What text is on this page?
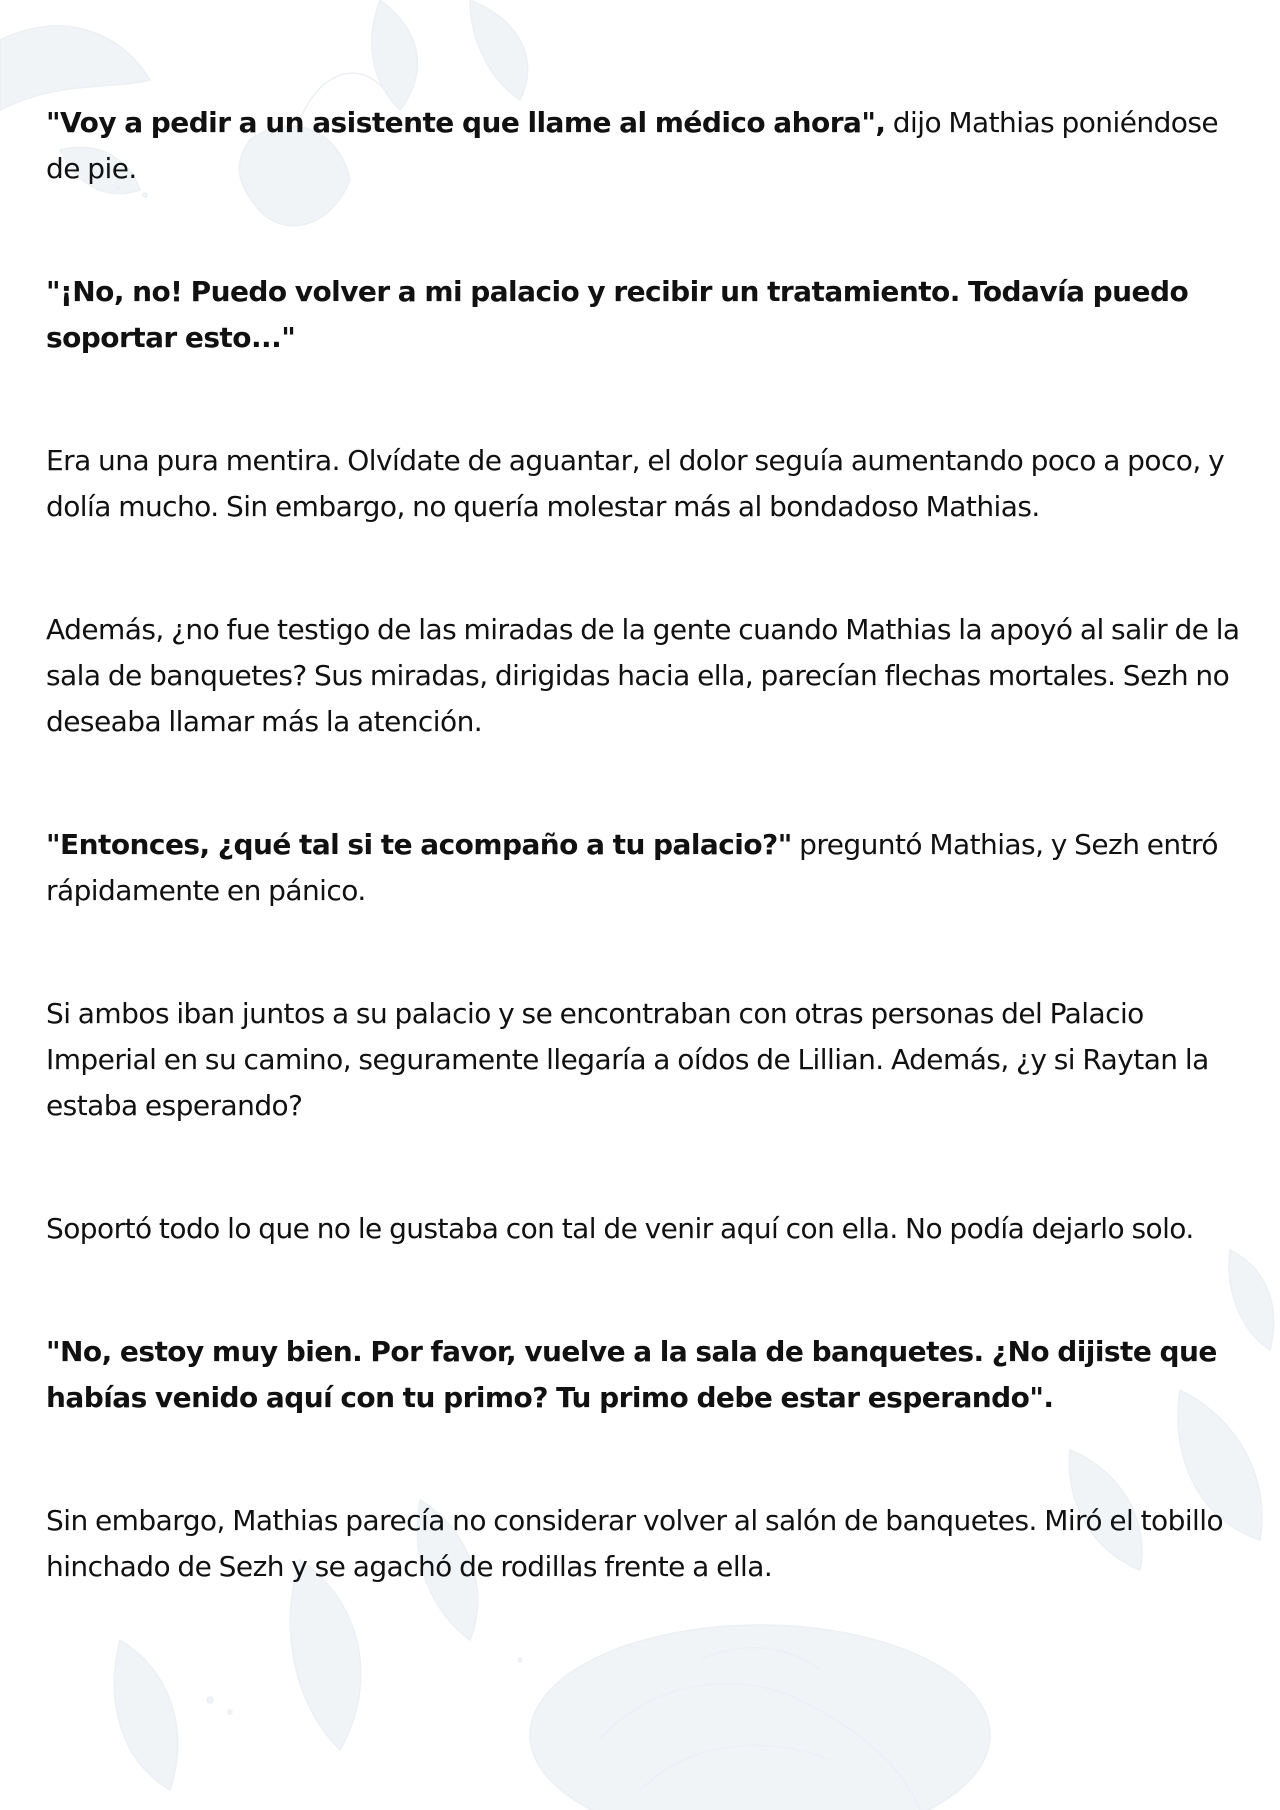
"Voy a pedir a un asistente que llame al médico ahora", dijo Mathias poniéndose de pie.

"¡No, no! Puedo volver a mi palacio y recibir un tratamiento. Todavía puedo soportar esto..."

Era una pura mentira. Olvídate de aguantar, el dolor seguía aumentando poco a poco, y dolía mucho. Sin embargo, no quería molestar más al bondadoso Mathias.

Además, ¿no fue testigo de las miradas de la gente cuando Mathias la apoyó al salir de la sala de banquetes? Sus miradas, dirigidas hacia ella, parecían flechas mortales. Sezh no deseaba llamar más la atención.

"Entonces, ¿qué tal si te acompaño a tu palacio?" preguntó Mathias, y Sezh entró rápidamente en pánico.

Si ambos iban juntos a su palacio y se encontraban con otras personas del Palacio Imperial en su camino, seguramente llegaría a oídos de Lillian. Además, ¿y si Raytan la estaba esperando?

Soportó todo lo que no le gustaba con tal de venir aquí con ella. No podía dejarlo solo.

"No, estoy muy bien. Por favor, vuelve a la sala de banquetes. ¿No dijiste que habías venido aquí con tu primo? Tu primo debe estar esperando".

Sin embargo, Mathias parecía no considerar volver al salón de banquetes. Miró el tobillo hinchado de Sezh y se agachó de rodillas frente a ella.
